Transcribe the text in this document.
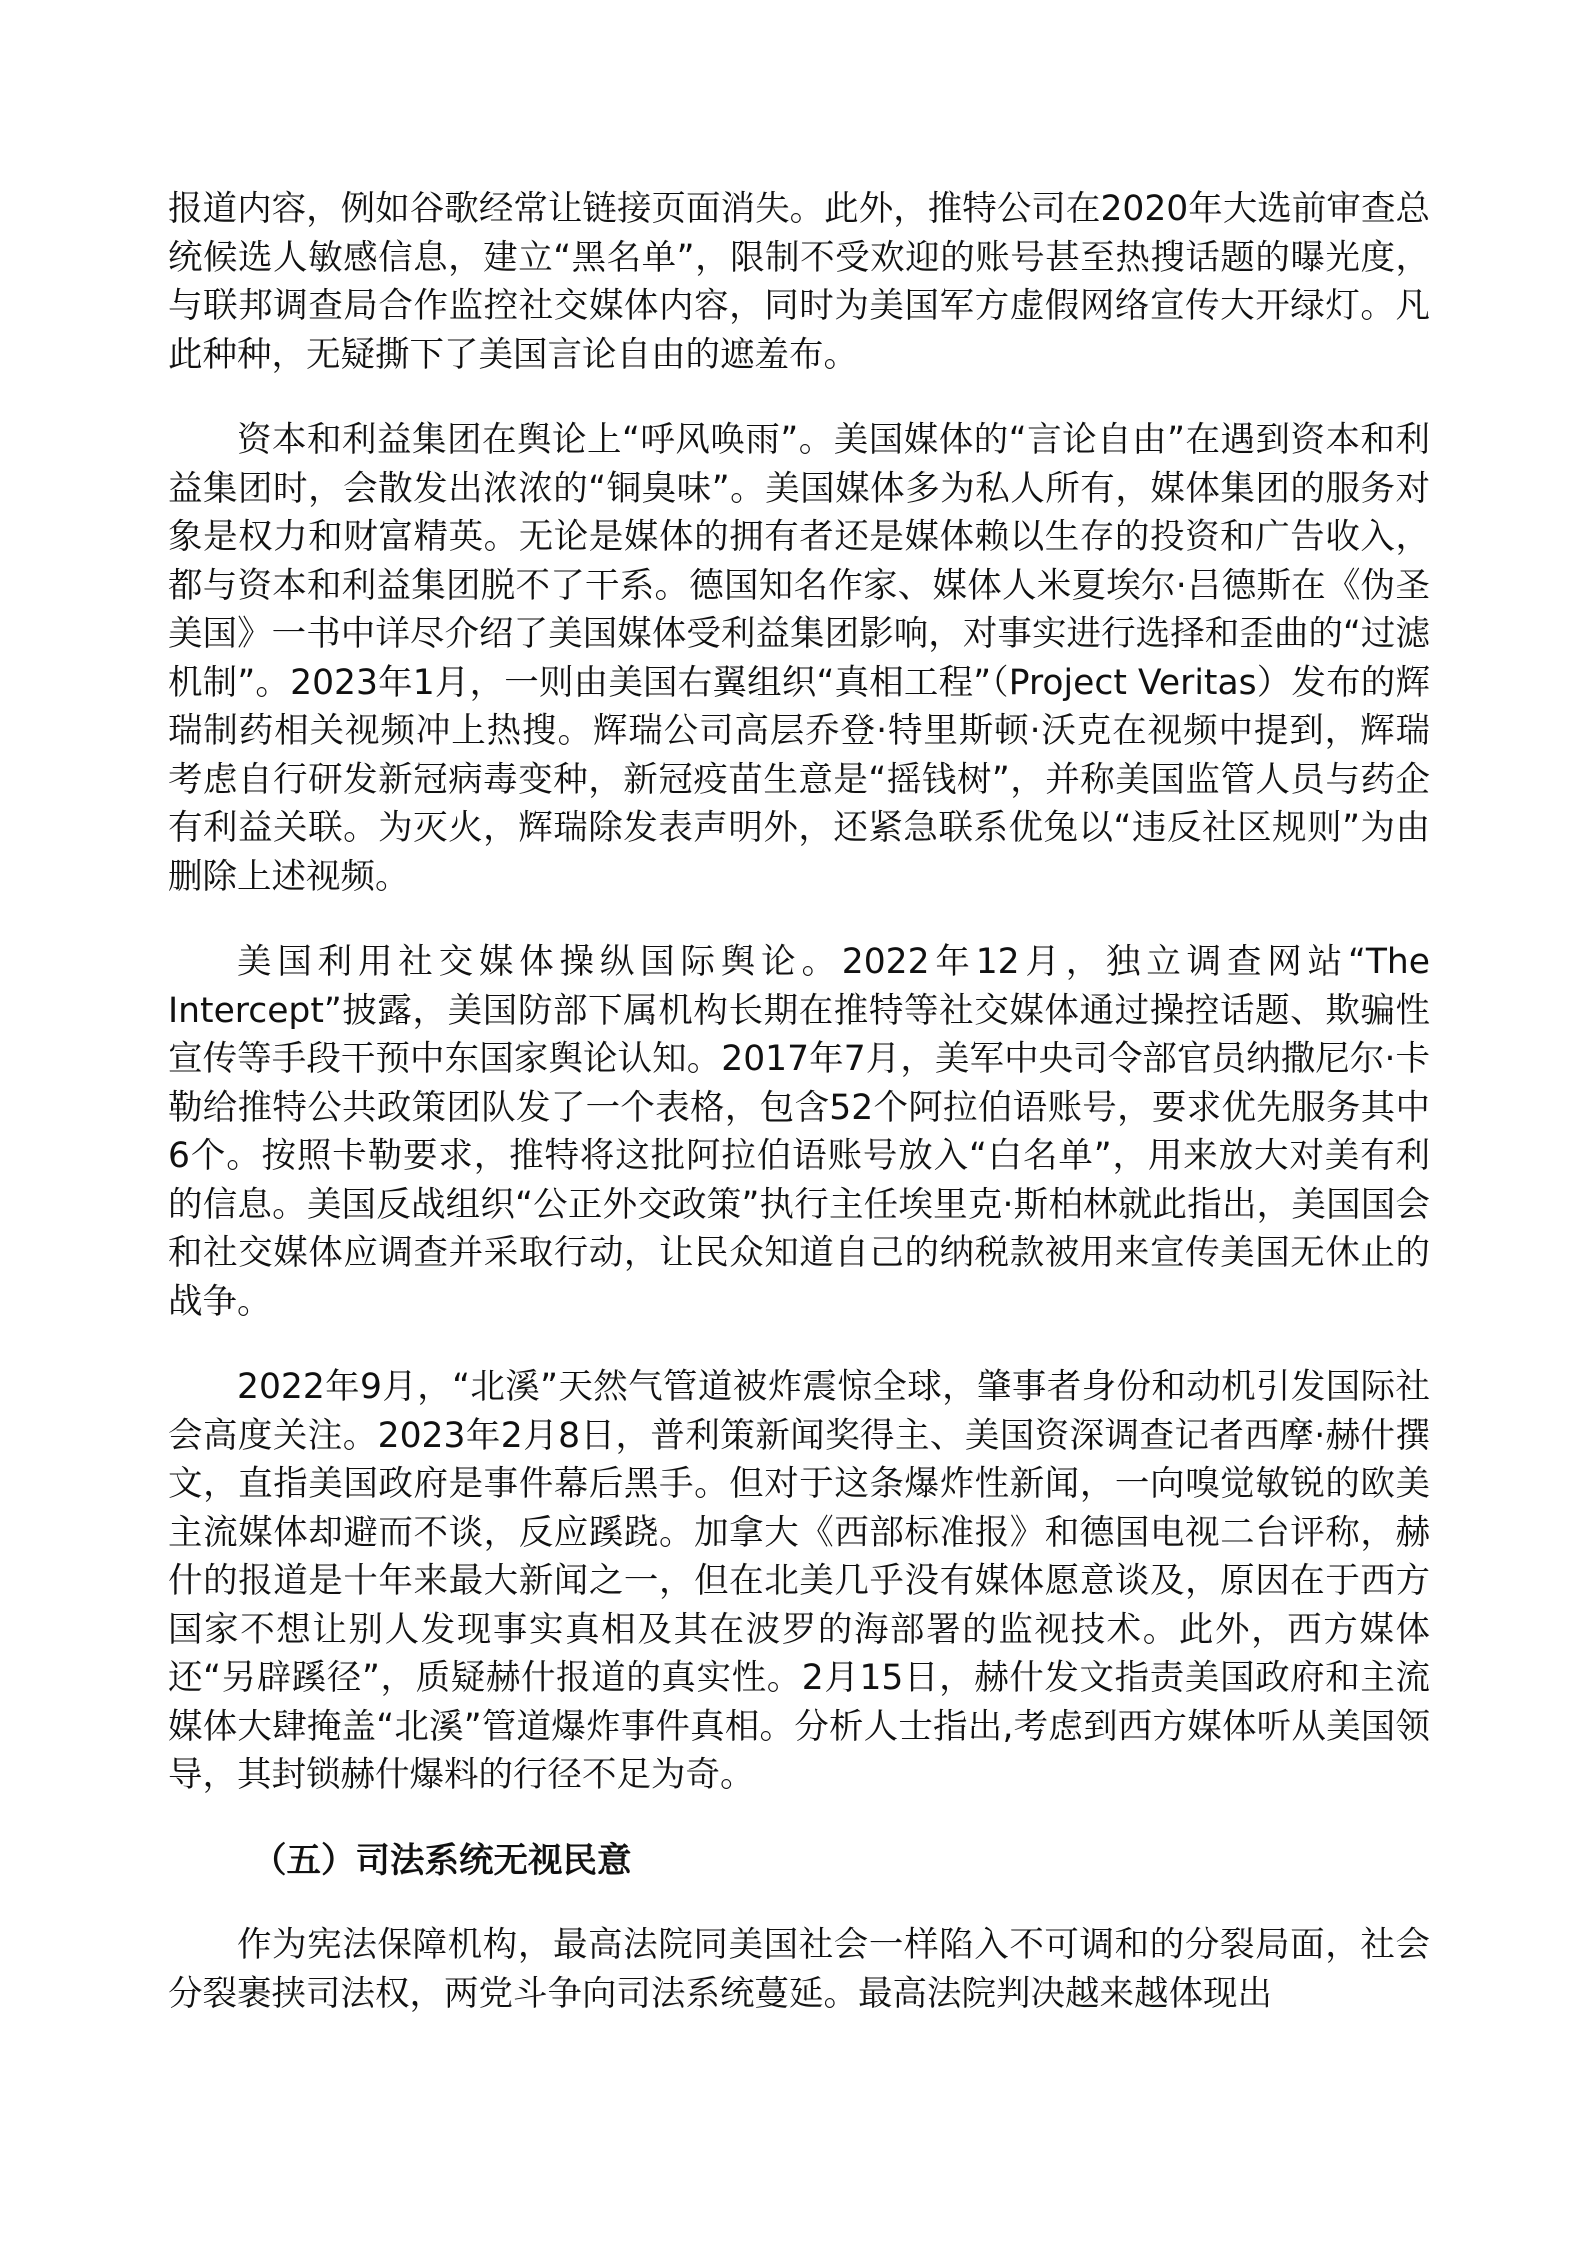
报道内容，例如谷歌经常让链接页面消失。此外，推特公司在2020年大选前审查总统候选人敏感信息，建立“黑名单”，限制不受欢迎的账号甚至热搜话题的曝光度，与联邦调查局合作监控社交媒体内容，同时为美国军方虚假网络宣传大开绿灯。凡此种种，无疑撕下了美国言论自由的遮羞布。

资本和利益集团在舆论上“呼风唤雨”。美国媒体的“言论自由”在遇到资本和利益集团时，会散发出浓浓的“铜臭味”。美国媒体多为私人所有，媒体集团的服务对象是权力和财富精英。无论是媒体的拥有者还是媒体赖以生存的投资和广告收入，都与资本和利益集团脱不了干系。德国知名作家、媒体人米夏埃尔·吕德斯在《伪圣美国》一书中详尽介绍了美国媒体受利益集团影响，对事实进行选择和歪曲的“过滤机制”。2023年1月，一则由美国右翼组织“真相工程”（Project Veritas）发布的辉瑞制药相关视频冲上热搜。辉瑞公司高层乔登·特里斯顿·沃克在视频中提到，辉瑞考虑自行研发新冠病毒变种，新冠疫苗生意是“摇钱树”，并称美国监管人员与药企有利益关联。为灭火，辉瑞除发表声明外，还紧急联系优兔以“违反社区规则”为由删除上述视频。

美国利用社交媒体操纵国际舆论。2022年12月，独立调查网站“The Intercept”披露，美国防部下属机构长期在推特等社交媒体通过操控话题、欺骗性宣传等手段干预中东国家舆论认知。2017年7月，美军中央司令部官员纳撒尼尔·卡勒给推特公共政策团队发了一个表格，包含52个阿拉伯语账号，要求优先服务其中6个。按照卡勒要求，推特将这批阿拉伯语账号放入“白名单”，用来放大对美有利的信息。美国反战组织“公正外交政策”执行主任埃里克·斯柏林就此指出，美国国会和社交媒体应调查并采取行动，让民众知道自己的纳税款被用来宣传美国无休止的战争。

2022年9月，“北溪”天然气管道被炸震惊全球，肇事者身份和动机引发国际社会高度关注。2023年2月8日，普利策新闻奖得主、美国资深调查记者西摩·赫什撰文，直指美国政府是事件幕后黑手。但对于这条爆炸性新闻，一向嗅觉敏锐的欧美主流媒体却避而不谈，反应蹊跷。加拿大《西部标准报》和德国电视二台评称，赫什的报道是十年来最大新闻之一，但在北美几乎没有媒体愿意谈及，原因在于西方国家不想让别人发现事实真相及其在波罗的海部署的监视技术。此外，西方媒体还“另辟蹊径”，质疑赫什报道的真实性。2月15日，赫什发文指责美国政府和主流媒体大肆掩盖“北溪”管道爆炸事件真相。分析人士指出,考虑到西方媒体听从美国领导，其封锁赫什爆料的行径不足为奇。

（五）司法系统无视民意

作为宪法保障机构，最高法院同美国社会一样陷入不可调和的分裂局面，社会分裂裹挟司法权，两党斗争向司法系统蔓延。最高法院判决越来越体现出
